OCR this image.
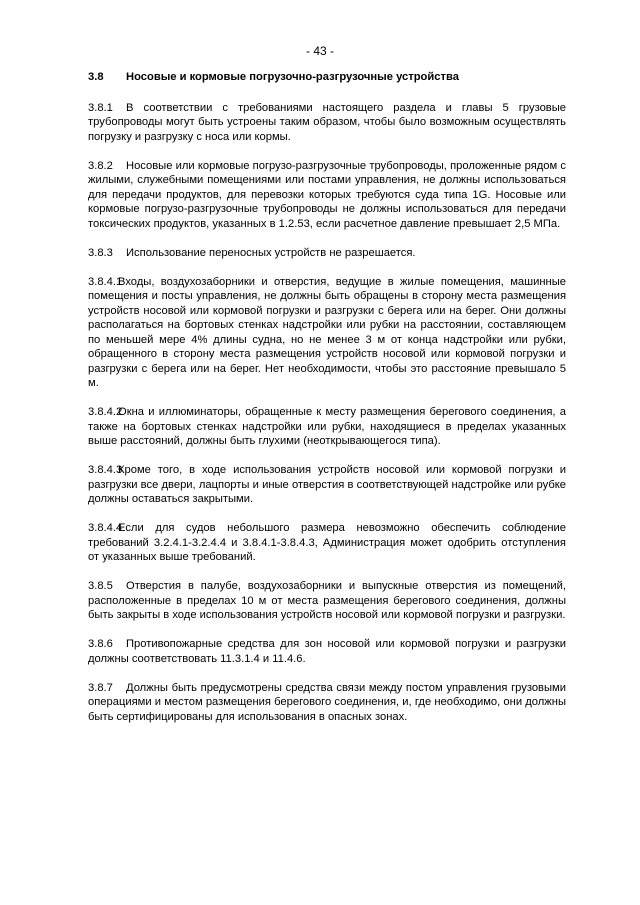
- 43 -
3.8	Носовые и кормовые погрузочно-разгрузочные устройства

3.8.1 В соответствии с требованиями настоящего раздела и главы 5 грузовые трубопроводы могут быть устроены таким образом, чтобы было возможным осуществлять погрузку и разгрузку с носа или кормы.

3.8.2 Носовые или кормовые погрузо-разгрузочные трубопроводы, проложенные рядом с жилыми, служебными помещениями или постами управления, не должны использоваться для передачи продуктов, для перевозки которых требуются суда типа 1G. Носовые или кормовые погрузо-разгрузочные трубопроводы не должны использоваться для передачи токсических продуктов, указанных в 1.2.53, если расчетное давление превышает 2,5 МПа.

3.8.3 Использование переносных устройств не разрешается.

3.8.4.1Входы, воздухозаборники и отверстия, ведущие в жилые помещения, машинные помещения и посты управления, не должны быть обращены в сторону места размещения устройств носовой или кормовой погрузки и разгрузки с берега или на берег. Они должны располагаться на бортовых стенках надстройки или рубки на расстоянии, составляющем по меньшей мере 4% длины судна, но не менее 3 м от конца надстройки или рубки, обращенного в сторону места размещения устройств носовой или кормовой погрузки и разгрузки с берега или на берег. Нет необходимости, чтобы это расстояние превышало 5 м.

3.8.4.2Окна и иллюминаторы, обращенные к месту размещения берегового соединения, а также на бортовых стенках надстройки или рубки, находящиеся в пределах указанных выше расстояний, должны быть глухими (неоткрывающегося типа).

3.8.4.3Кроме того, в ходе использования устройств носовой или кормовой погрузки и разгрузки все двери, лацпорты и иные отверстия в соответствующей надстройке или рубке должны оставаться закрытыми.

3.8.4.4Если для судов небольшого размера невозможно обеспечить соблюдение требований 3.2.4.1-3.2.4.4 и 3.8.4.1-3.8.4.3, Администрация может одобрить отступления от указанных выше требований.

3.8.5 Отверстия в палубе, воздухозаборники и выпускные отверстия из помещений, расположенные в пределах 10 м от места размещения берегового соединения, должны быть закрыты в ходе использования устройств носовой или кормовой погрузки и разгрузки.

3.8.6 Противопожарные средства для зон носовой или кормовой погрузки и разгрузки должны соответствовать 11.3.1.4 и 11.4.6.

3.8.7 Должны быть предусмотрены средства связи между постом управления грузовыми операциями и местом размещения берегового соединения, и, где необходимо, они должны быть сертифицированы для использования в опасных зонах.
